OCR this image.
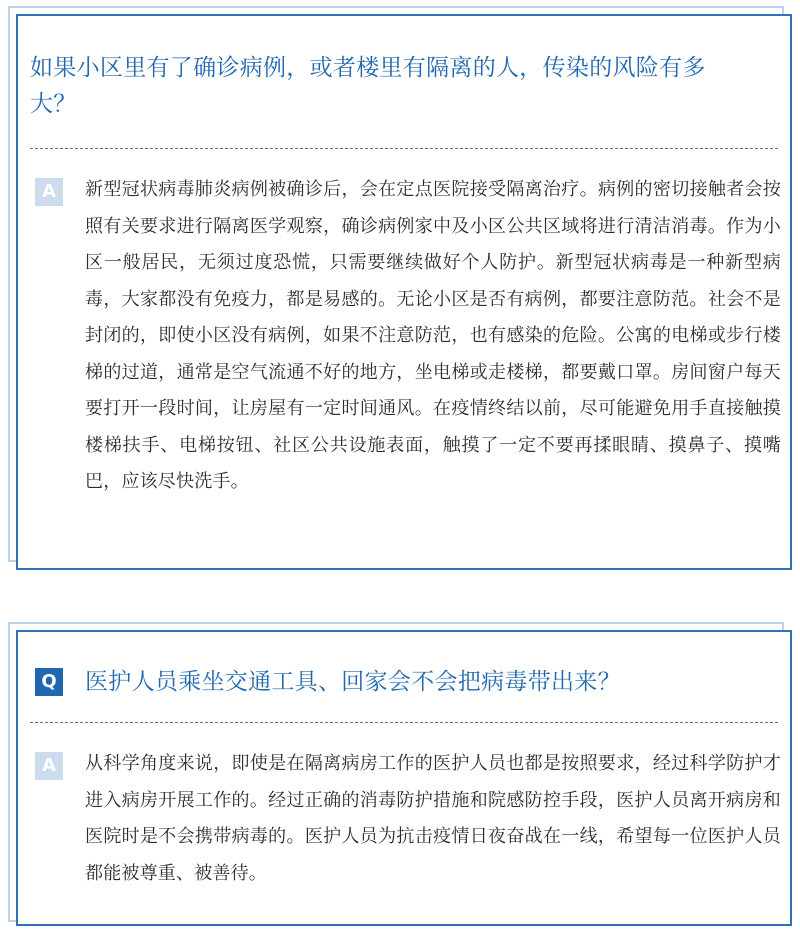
如果小区里有了确诊病例，或者楼里有隔离的人，传染的风险有多大？
A	新型冠状病毒肺炎病例被确诊后，会在定点医院接受隔离治疗。病例的密切接触者会按照有关要求进行隔离医学观察，确诊病例家中及小区公共区域将进行清洁消毒。作为小区一般居民，无须过度恐慌，只需要继续做好个人防护。新型冠状病毒是一种新型病毒，大家都没有免疫力，都是易感的。无论小区是否有病例，都要注意防范。社会不是封闭的，即使小区没有病例，如果不注意防范，也有感染的危险。公寓的电梯或步行楼梯的过道，通常是空气流通不好的地方，坐电梯或走楼梯，都要戴口罩。房间窗户每天要打开一段时间，让房屋有一定时间通风。在疫情终结以前，尽可能避免用手直接触摸楼梯扶手、电梯按钮、社区公共设施表面，触摸了一定不要再揉眼睛、摸鼻子、摸嘴巴，应该尽快洗手。
Q 医护人员乘坐交通工具、回家会不会把病毒带出来？
A	从科学角度来说，即使是在隔离病房工作的医护人员也都是按照要求，经过科学防护才进入病房开展工作的。经过正确的消毒防护措施和院感防控手段，医护人员离开病房和医院时是不会携带病毒的。医护人员为抗击疫情日夜奋战在一线，希望每一位医护人员都能被尊重、被善待。
